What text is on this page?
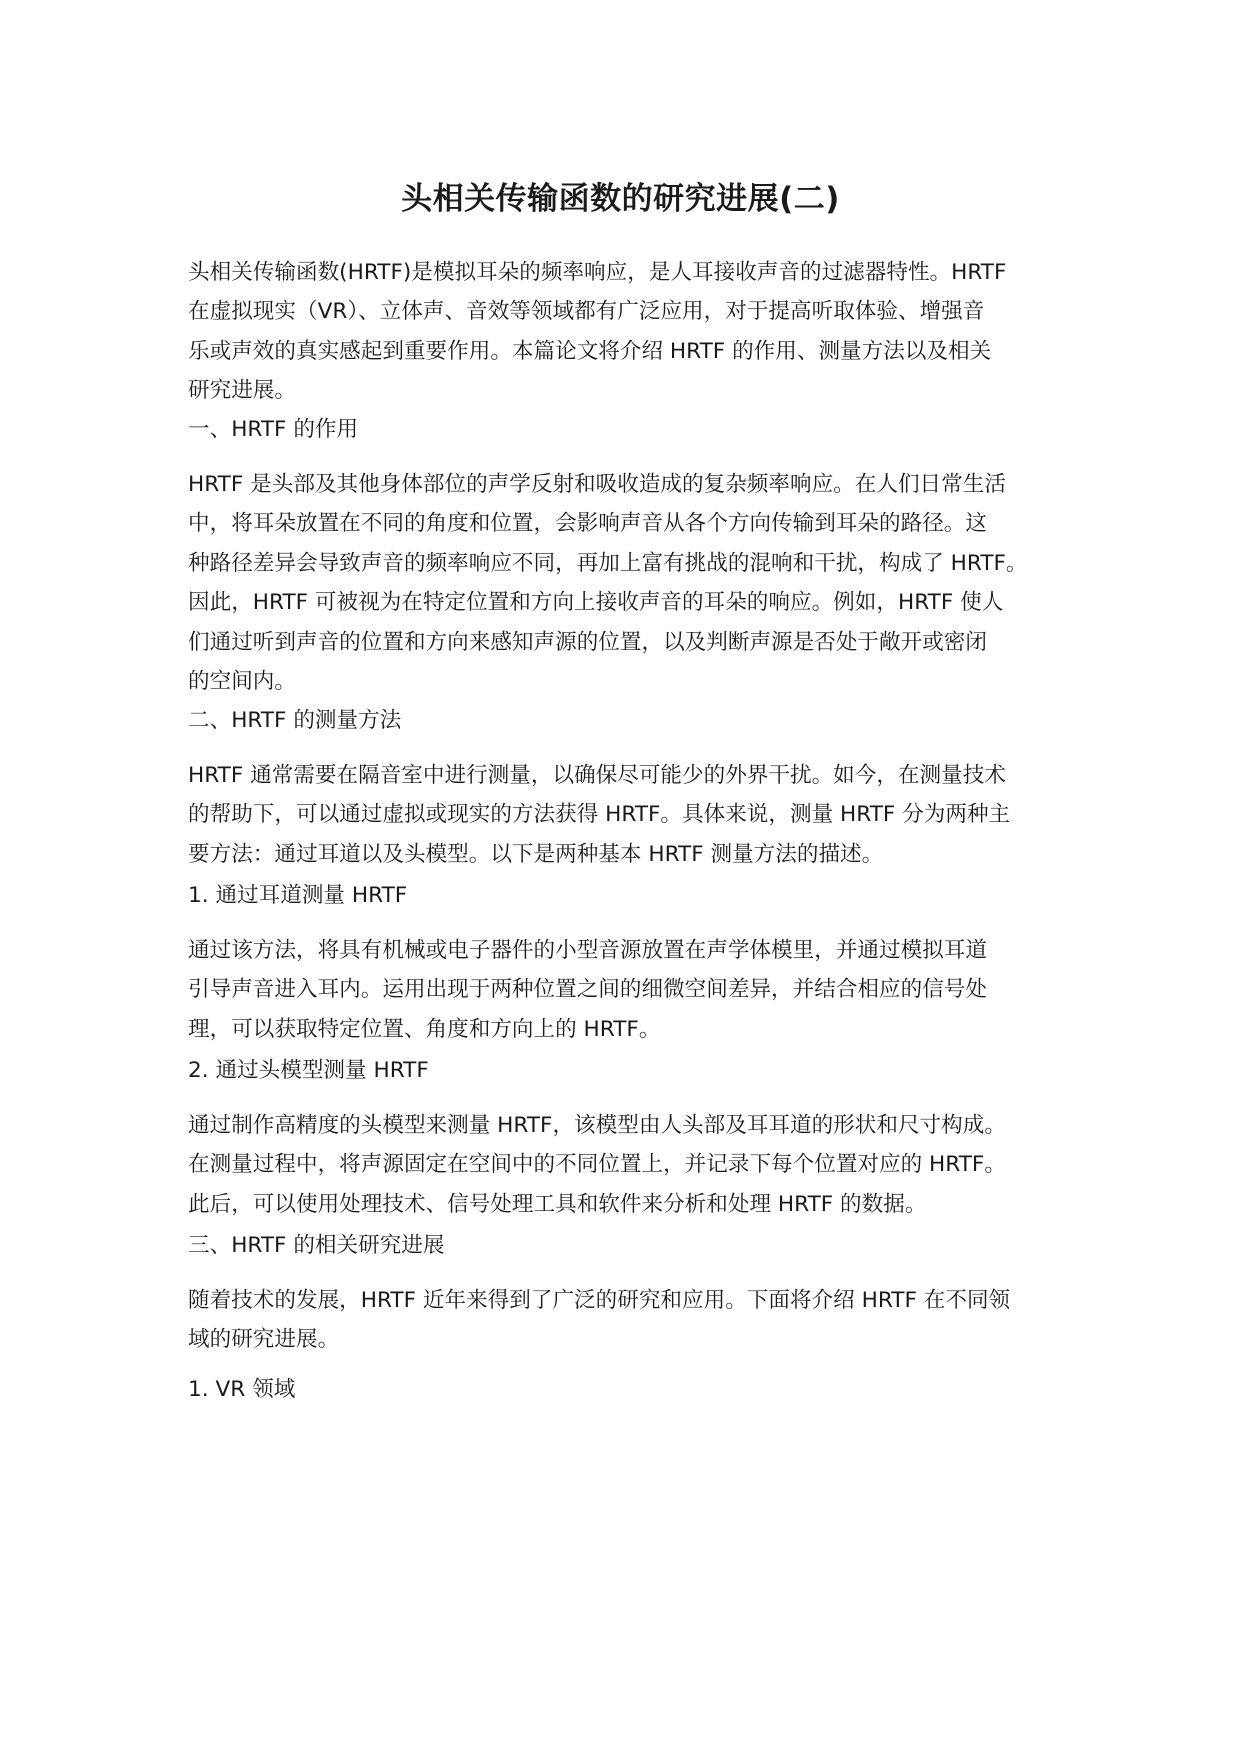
头相关传输函数的研究进展(二)

头相关传输函数(HRTF)是模拟耳朵的频率响应，是人耳接收声音的过滤器特性。HRTF
在虚拟现实（VR）、立体声、音效等领域都有广泛应用，对于提高听取体验、增强音
乐或声效的真实感起到重要作用。本篇论文将介绍 HRTF 的作用、测量方法以及相关
研究进展。

一、HRTF 的作用

HRTF 是头部及其他身体部位的声学反射和吸收造成的复杂频率响应。在人们日常生活
中，将耳朵放置在不同的角度和位置，会影响声音从各个方向传输到耳朵的路径。这
种路径差异会导致声音的频率响应不同，再加上富有挑战的混响和干扰，构成了 HRTF。
因此，HRTF 可被视为在特定位置和方向上接收声音的耳朵的响应。例如，HRTF 使人
们通过听到声音的位置和方向来感知声源的位置，以及判断声源是否处于敞开或密闭
的空间内。

二、HRTF 的测量方法

HRTF 通常需要在隔音室中进行测量，以确保尽可能少的外界干扰。如今，在测量技术
的帮助下，可以通过虚拟或现实的方法获得 HRTF。具体来说，测量 HRTF 分为两种主
要方法：通过耳道以及头模型。以下是两种基本 HRTF 测量方法的描述。

1. 通过耳道测量 HRTF

通过该方法，将具有机械或电子器件的小型音源放置在声学体模里，并通过模拟耳道
引导声音进入耳内。运用出现于两种位置之间的细微空间差异，并结合相应的信号处
理，可以获取特定位置、角度和方向上的 HRTF。

2. 通过头模型测量 HRTF

通过制作高精度的头模型来测量 HRTF，该模型由人头部及耳耳道的形状和尺寸构成。
在测量过程中，将声源固定在空间中的不同位置上，并记录下每个位置对应的 HRTF。
此后，可以使用处理技术、信号处理工具和软件来分析和处理 HRTF 的数据。

三、HRTF 的相关研究进展

随着技术的发展，HRTF 近年来得到了广泛的研究和应用。下面将介绍 HRTF 在不同领
域的研究进展。

1. VR 领域
